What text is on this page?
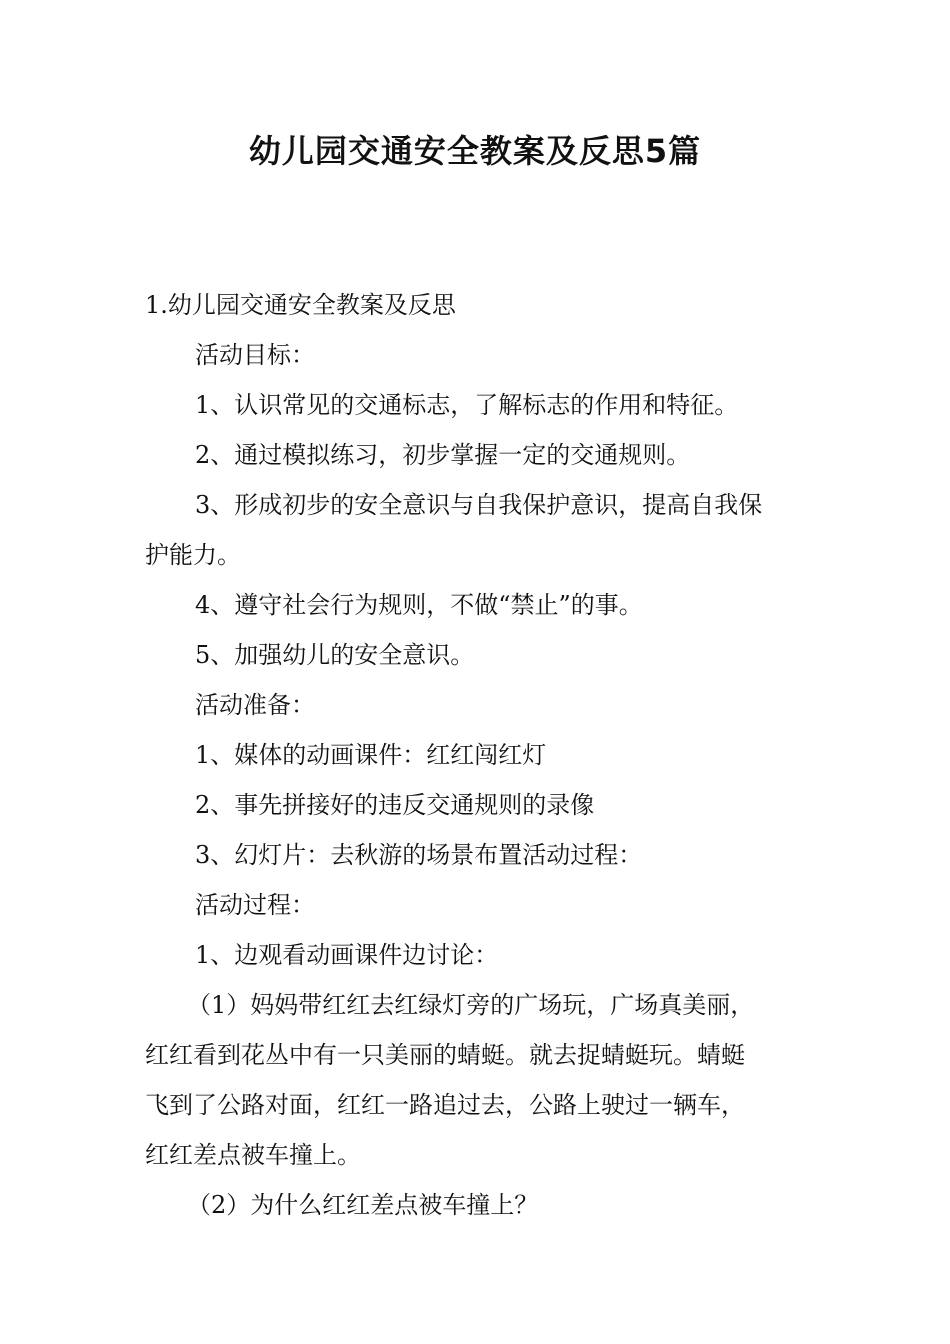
幼儿园交通安全教案及反思5篇

1.幼儿园交通安全教案及反思

活动目标：

1、认识常见的交通标志，了解标志的作用和特征。

2、通过模拟练习，初步掌握一定的交通规则。

3、形成初步的安全意识与自我保护意识，提高自我保

护能力。

4、遵守社会行为规则，不做“禁止”的事。

5、加强幼儿的安全意识。

活动准备：

1、媒体的动画课件：红红闯红灯

2、事先拼接好的违反交通规则的录像

3、幻灯片：去秋游的场景布置活动过程：

活动过程：

1、边观看动画课件边讨论：

（1）妈妈带红红去红绿灯旁的广场玩，广场真美丽，

红红看到花丛中有一只美丽的蜻蜓。就去捉蜻蜓玩。蜻蜓

飞到了公路对面，红红一路追过去，公路上驶过一辆车，

红红差点被车撞上。

（2）为什么红红差点被车撞上？
